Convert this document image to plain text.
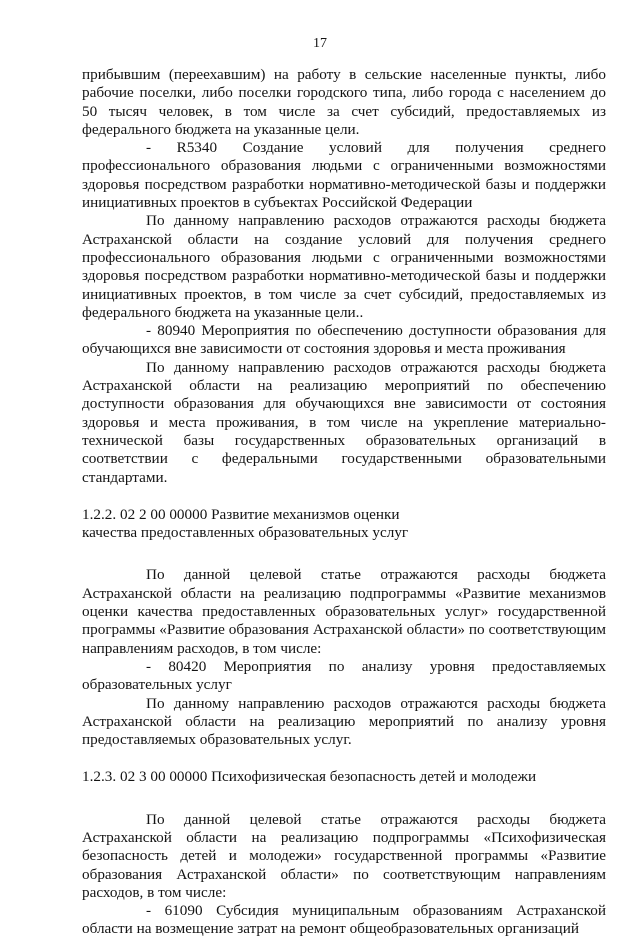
17

прибывшим (переехавшим) на работу в сельские населенные пункты, либо рабочие поселки, либо поселки городского типа, либо города с населением до 50 тысяч человек, в том числе за счет субсидий, предоставляемых из федерального бюджета на указанные цели.

- R5340 Создание условий для получения среднего профессионального образования людьми с ограниченными возможностями здоровья посредством разработки нормативно-методической базы и поддержки инициативных проектов в субъектах Российской Федерации

По данному направлению расходов отражаются расходы бюджета Астраханской области на создание условий для получения среднего профессионального образования людьми с ограниченными возможностями здоровья посредством разработки нормативно-методической базы и поддержки инициативных проектов, в том числе за счет субсидий, предоставляемых из федерального бюджета на указанные цели..

- 80940 Мероприятия по обеспечению доступности образования для обучающихся вне зависимости от состояния здоровья и места проживания

По данному направлению расходов отражаются расходы бюджета Астраханской области на реализацию мероприятий по обеспечению доступности образования для обучающихся вне зависимости от состояния здоровья и места проживания, в том числе на укрепление материально-технической базы государственных образовательных организаций в соответствии с федеральными государственными образовательными стандартами.

1.2.2. 02 2 00 00000 Развитие механизмов оценки
качества предоставленных образовательных услуг

По данной целевой статье отражаются расходы бюджета Астраханской области на реализацию подпрограммы «Развитие механизмов оценки качества предоставленных образовательных услуг» государственной программы «Развитие образования Астраханской области» по соответствующим направлениям расходов, в том числе:

- 80420 Мероприятия по анализу уровня предоставляемых образовательных услуг

По данному направлению расходов отражаются расходы бюджета Астраханской области на реализацию мероприятий по анализу уровня предоставляемых образовательных услуг.

1.2.3. 02 3 00 00000 Психофизическая безопасность детей и молодежи

По данной целевой статье отражаются расходы бюджета Астраханской области на реализацию подпрограммы «Психофизическая безопасность детей и молодежи» государственной программы «Развитие образования Астраханской области» по соответствующим направлениям расходов, в том числе:

- 61090 Субсидия муниципальным образованиям Астраханской области на возмещение затрат на ремонт общеобразовательных организаций
